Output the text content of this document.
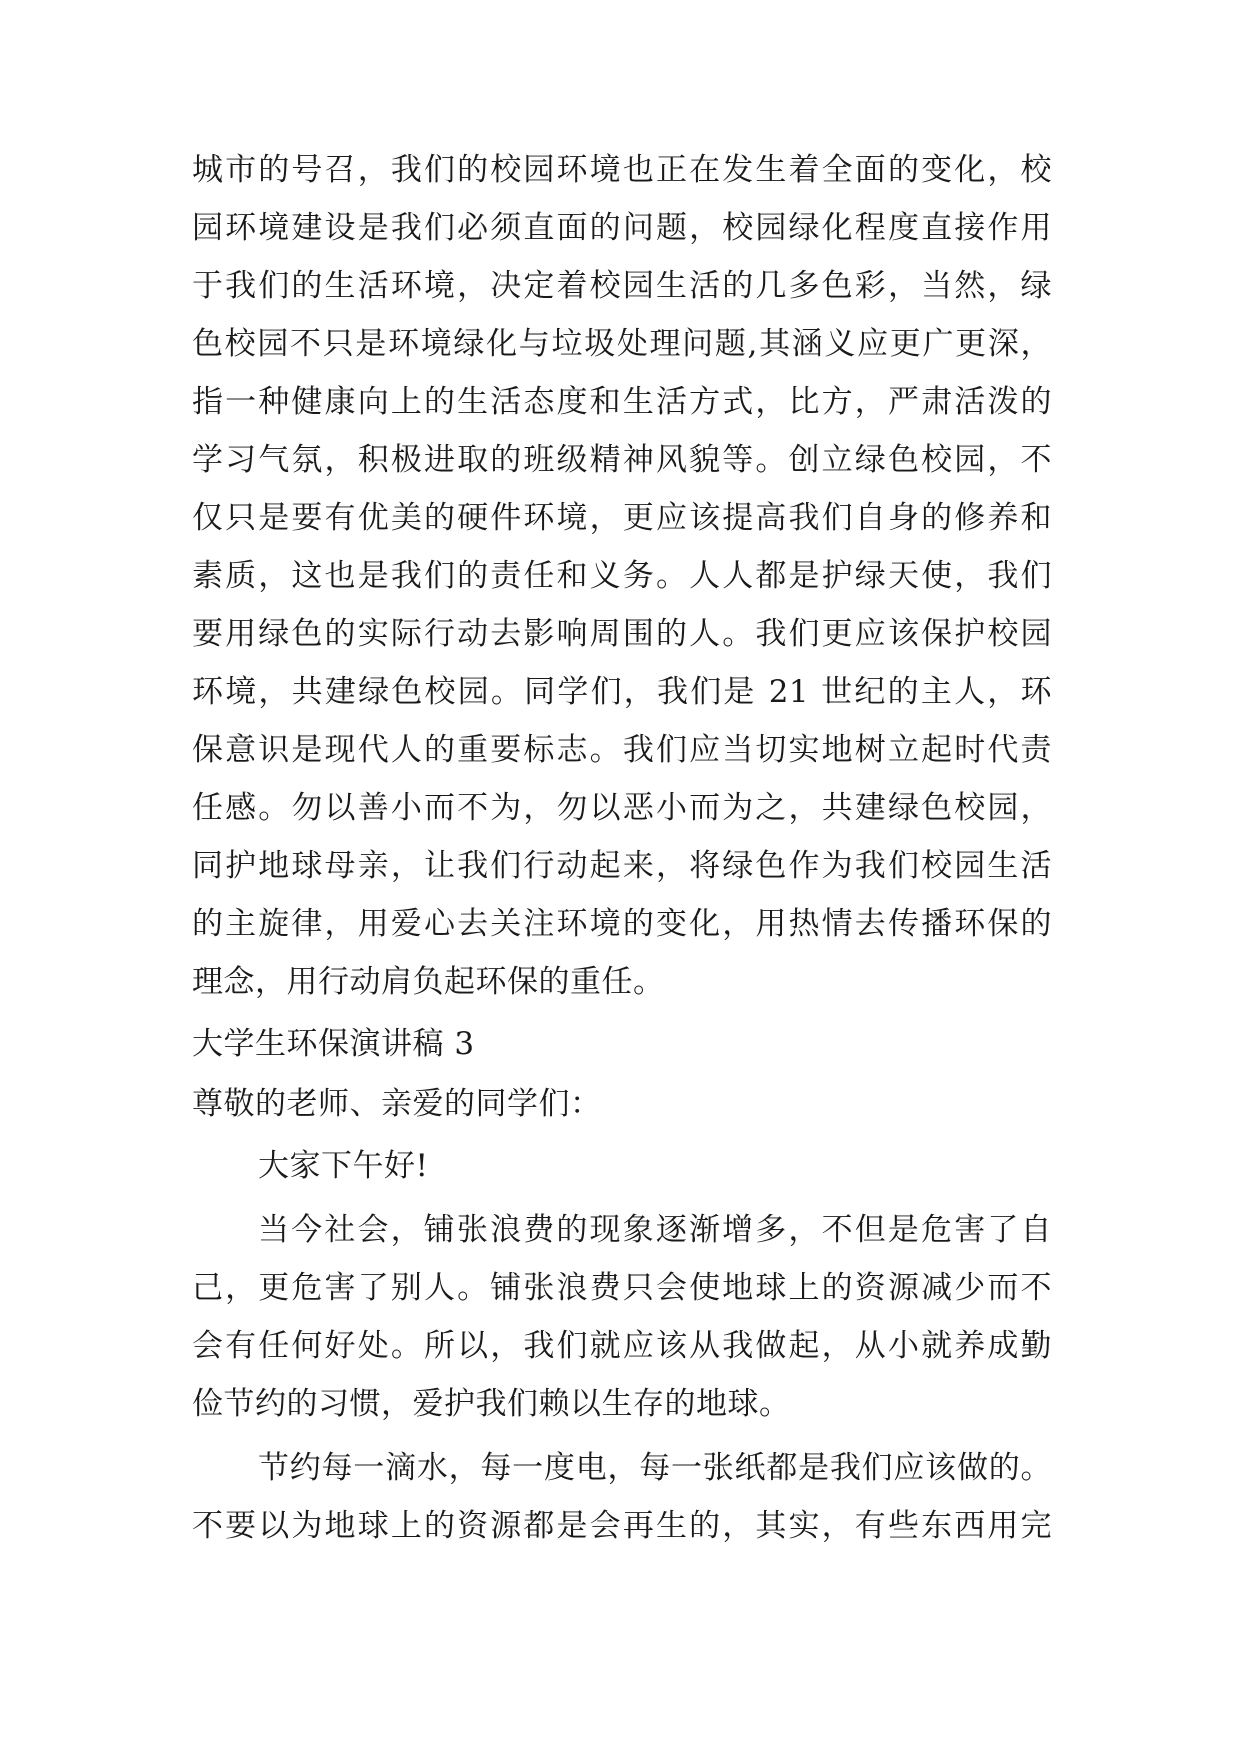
城市的号召，我们的校园环境也正在发生着全面的变化，校
园环境建设是我们必须直面的问题，校园绿化程度直接作用
于我们的生活环境，决定着校园生活的几多色彩，当然，绿
色校园不只是环境绿化与垃圾处理问题,其涵义应更广更深，
指一种健康向上的生活态度和生活方式，比方，严肃活泼的
学习气氛，积极进取的班级精神风貌等。创立绿色校园，不
仅只是要有优美的硬件环境，更应该提高我们自身的修养和
素质，这也是我们的责任和义务。人人都是护绿天使，我们
要用绿色的实际行动去影响周围的人。我们更应该保护校园
环境，共建绿色校园。同学们，我们是 21 世纪的主人，环
保意识是现代人的重要标志。我们应当切实地树立起时代责
任感。勿以善小而不为，勿以恶小而为之，共建绿色校园，
同护地球母亲，让我们行动起来，将绿色作为我们校园生活
的主旋律，用爱心去关注环境的变化，用热情去传播环保的
理念，用行动肩负起环保的重任。
大学生环保演讲稿 3
尊敬的老师、亲爱的同学们：
大家下午好!
当今社会，铺张浪费的现象逐渐增多，不但是危害了自
己，更危害了别人。铺张浪费只会使地球上的资源减少而不
会有任何好处。所以，我们就应该从我做起，从小就养成勤
俭节约的习惯，爱护我们赖以生存的地球。
节约每一滴水，每一度电，每一张纸都是我们应该做的。
不要以为地球上的资源都是会再生的，其实，有些东西用完
